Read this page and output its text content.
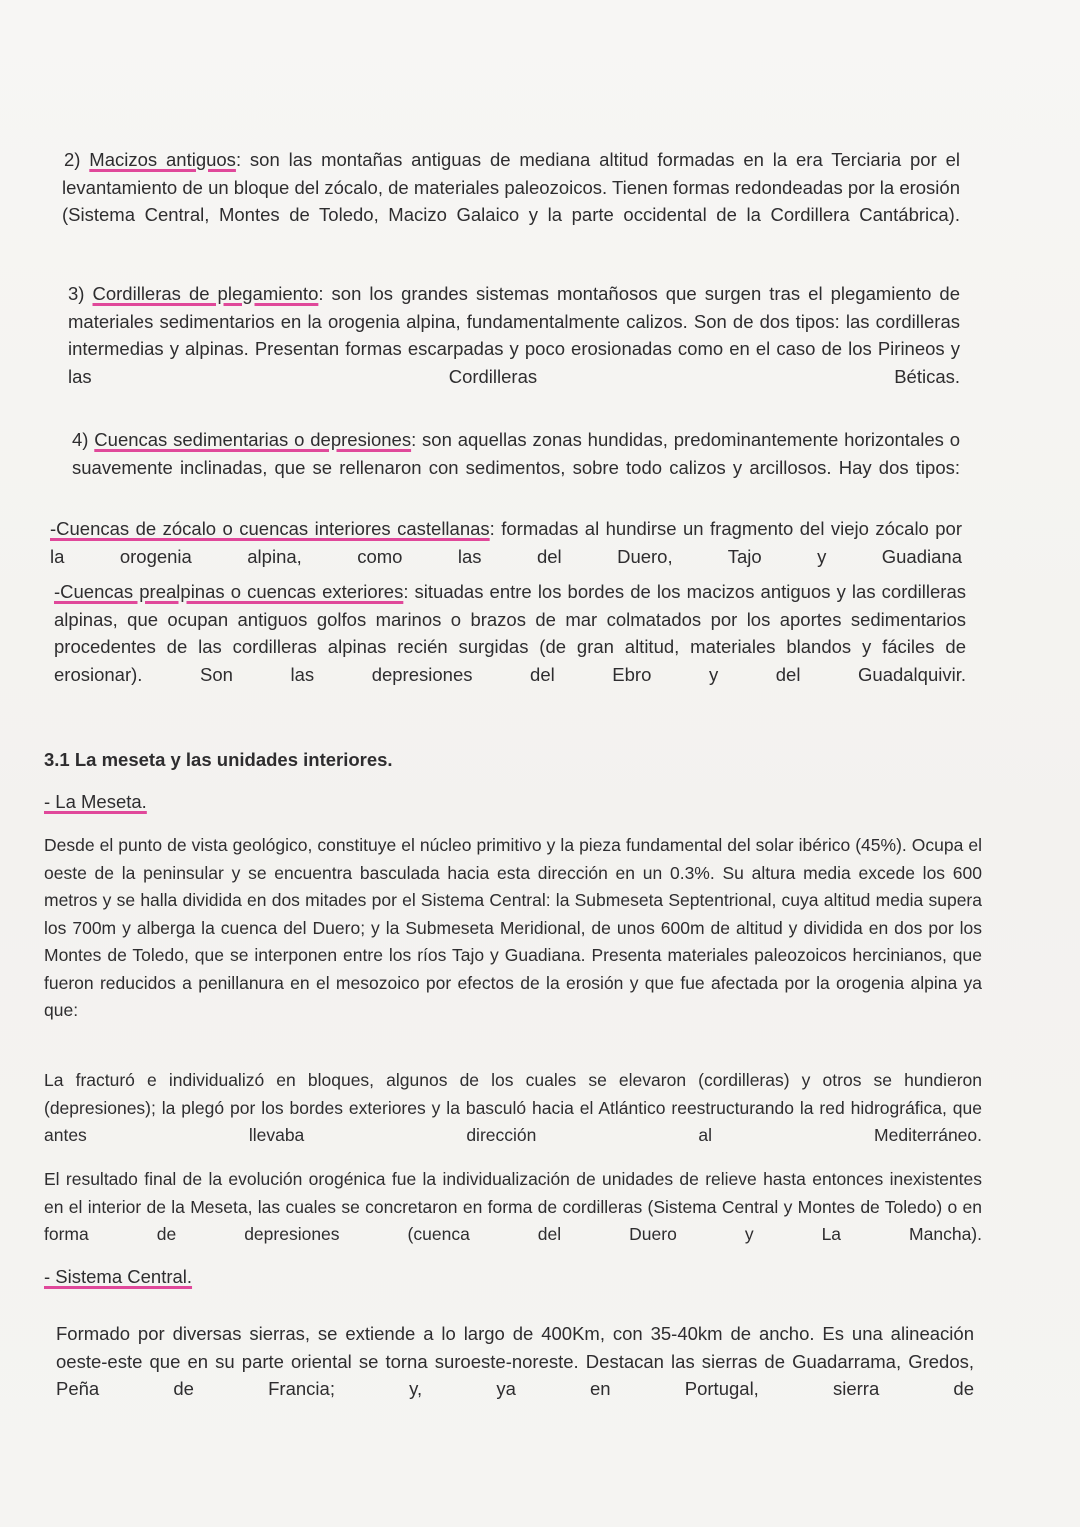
2) Macizos antiguos: son las montañas antiguas de mediana altitud formadas en la era Terciaria por el levantamiento de un bloque del zócalo, de materiales paleozoicos. Tienen formas redondeadas por la erosión (Sistema Central, Montes de Toledo, Macizo Galaico y la parte occidental de la Cordillera Cantábrica).

3) Cordilleras de plegamiento: son los grandes sistemas montañosos que surgen tras el plegamiento de materiales sedimentarios en la orogenia alpina, fundamentalmente calizos. Son de dos tipos: las cordilleras intermedias y alpinas. Presentan formas escarpadas y poco erosionadas como en el caso de los Pirineos y las Cordilleras Béticas.

4) Cuencas sedimentarias o depresiones: son aquellas zonas hundidas, predominantemente horizontales o suavemente inclinadas, que se rellenaron con sedimentos, sobre todo calizos y arcillosos. Hay dos tipos:

-Cuencas de zócalo o cuencas interiores castellanas: formadas al hundirse un fragmento del viejo zócalo por la orogenia alpina, como las del Duero, Tajo y Guadiana

-Cuencas prealpinas o cuencas exteriores: situadas entre los bordes de los macizos antiguos y las cordilleras alpinas, que ocupan antiguos golfos marinos o brazos de mar colmatados por los aportes sedimentarios procedentes de las cordilleras alpinas recién surgidas (de gran altitud, materiales blandos y fáciles de erosionar). Son las depresiones del Ebro y del Guadalquivir.

3.1 La meseta y las unidades interiores.
- La Meseta.

Desde el punto de vista geológico, constituye el núcleo primitivo y la pieza fundamental del solar ibérico (45%). Ocupa el oeste de la peninsular y se encuentra basculada hacia esta dirección en un 0.3%. Su altura media excede los 600 metros y se halla dividida en dos mitades por el Sistema Central: la Submeseta Septentrional, cuya altitud media supera los 700m y alberga la cuenca del Duero; y la Submeseta Meridional, de unos 600m de altitud y dividida en dos por los Montes de Toledo, que se interponen entre los ríos Tajo y Guadiana. Presenta materiales paleozoicos hercinianos, que fueron reducidos a penillanura en el mesozoico por efectos de la erosión y que fue afectada por la orogenia alpina ya que:

La fracturó e individualizó en bloques, algunos de los cuales se elevaron (cordilleras) y otros se hundieron (depresiones); la plegó por los bordes exteriores y la basculó hacia el Atlántico reestructurando la red hidrográfica, que antes llevaba dirección al Mediterráneo.

El resultado final de la evolución orogénica fue la individualización de unidades de relieve hasta entonces inexistentes en el interior de la Meseta, las cuales se concretaron en forma de cordilleras (Sistema Central y Montes de Toledo) o en forma de depresiones (cuenca del Duero y La Mancha).

- Sistema Central.

Formado por diversas sierras, se extiende a lo largo de 400Km, con 35-40km de ancho. Es una alineación oeste-este que en su parte oriental se torna suroeste-noreste. Destacan las sierras de Guadarrama, Gredos, Peña de Francia; y, ya en Portugal, sierra de
